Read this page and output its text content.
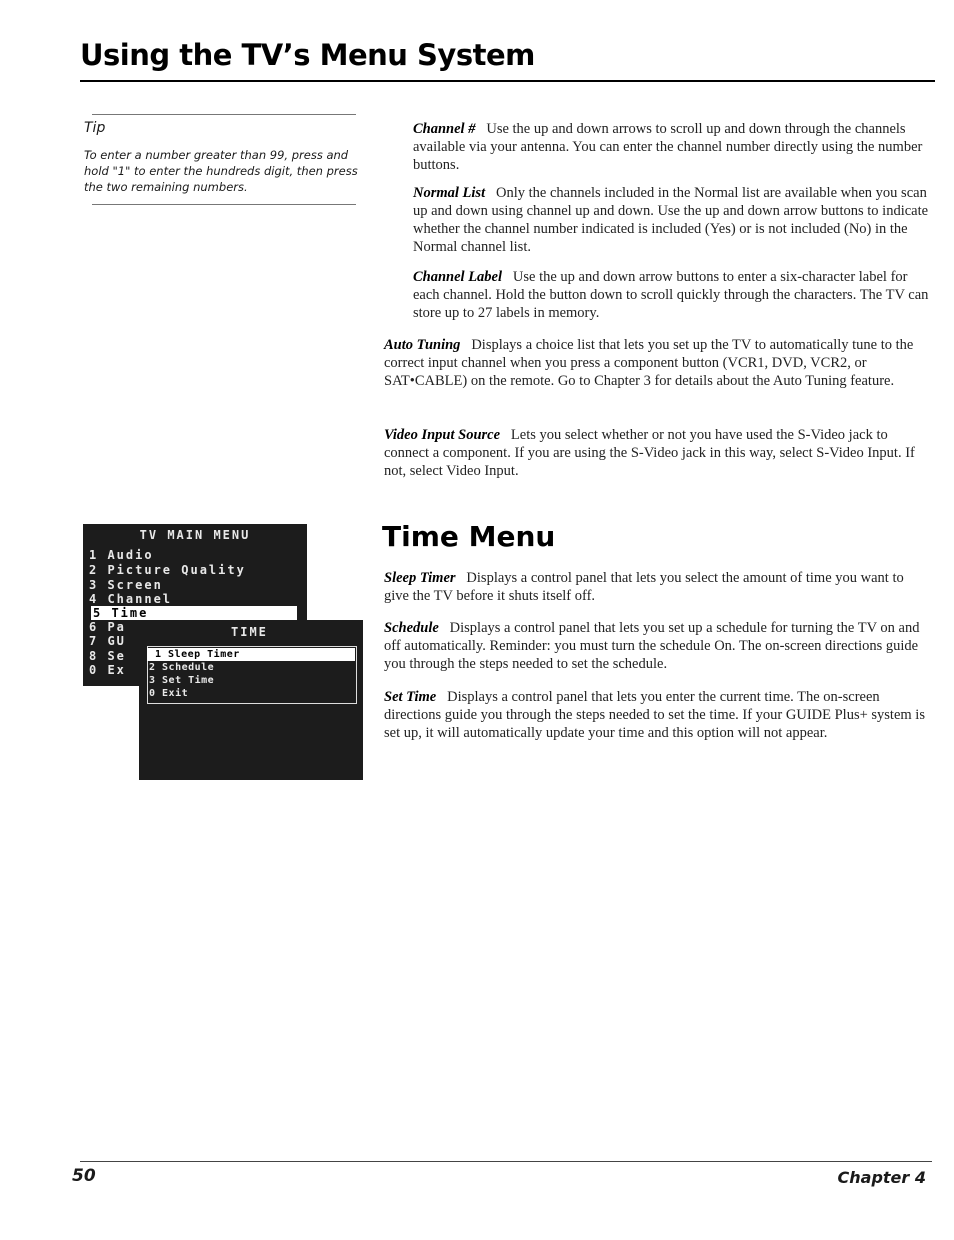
Using the TV’s Menu System
Tip
To enter a number greater than 99, press and hold "1" to enter the hundreds digit, then press the two remaining numbers.
Channel # Use the up and down arrows to scroll up and down through the channels available via your antenna. You can enter the channel number directly using the number buttons.
Normal List Only the channels included in the Normal list are available when you scan up and down using channel up and down. Use the up and down arrow buttons to indicate whether the channel number indicated is included (Yes) or is not included (No) in the Normal channel list.
Channel Label Use the up and down arrow buttons to enter a six-character label for each channel. Hold the button down to scroll quickly through the characters. The TV can store up to 27 labels in memory.
Auto Tuning Displays a choice list that lets you set up the TV to automatically tune to the correct input channel when you press a component button (VCR1, DVD, VCR2, or SAT•CABLE) on the remote. Go to Chapter 3 for details about the Auto Tuning feature.
Video Input Source Lets you select whether or not you have used the S-Video jack to connect a component. If you are using the S-Video jack in this way, select S-Video Input. If not, select Video Input.
TV MAIN MENU
1 Audio
2 Picture Quality
3 Screen
4 Channel
5 Time
6 Pa
7 GU
8 Se
0 Ex
TIME
1 Sleep Timer
2 Schedule
3 Set Time
0 Exit
Time Menu
Sleep Timer Displays a control panel that lets you select the amount of time you want to give the TV before it shuts itself off.
Schedule Displays a control panel that lets you set up a schedule for turning the TV on and off automatically. Reminder: you must turn the schedule On. The on-screen directions guide you through the steps needed to set the schedule.
Set Time Displays a control panel that lets you enter the current time. The on-screen directions guide you through the steps needed to set the time. If your GUIDE Plus+ system is set up, it will automatically update your time and this option will not appear.
50	Chapter 4
